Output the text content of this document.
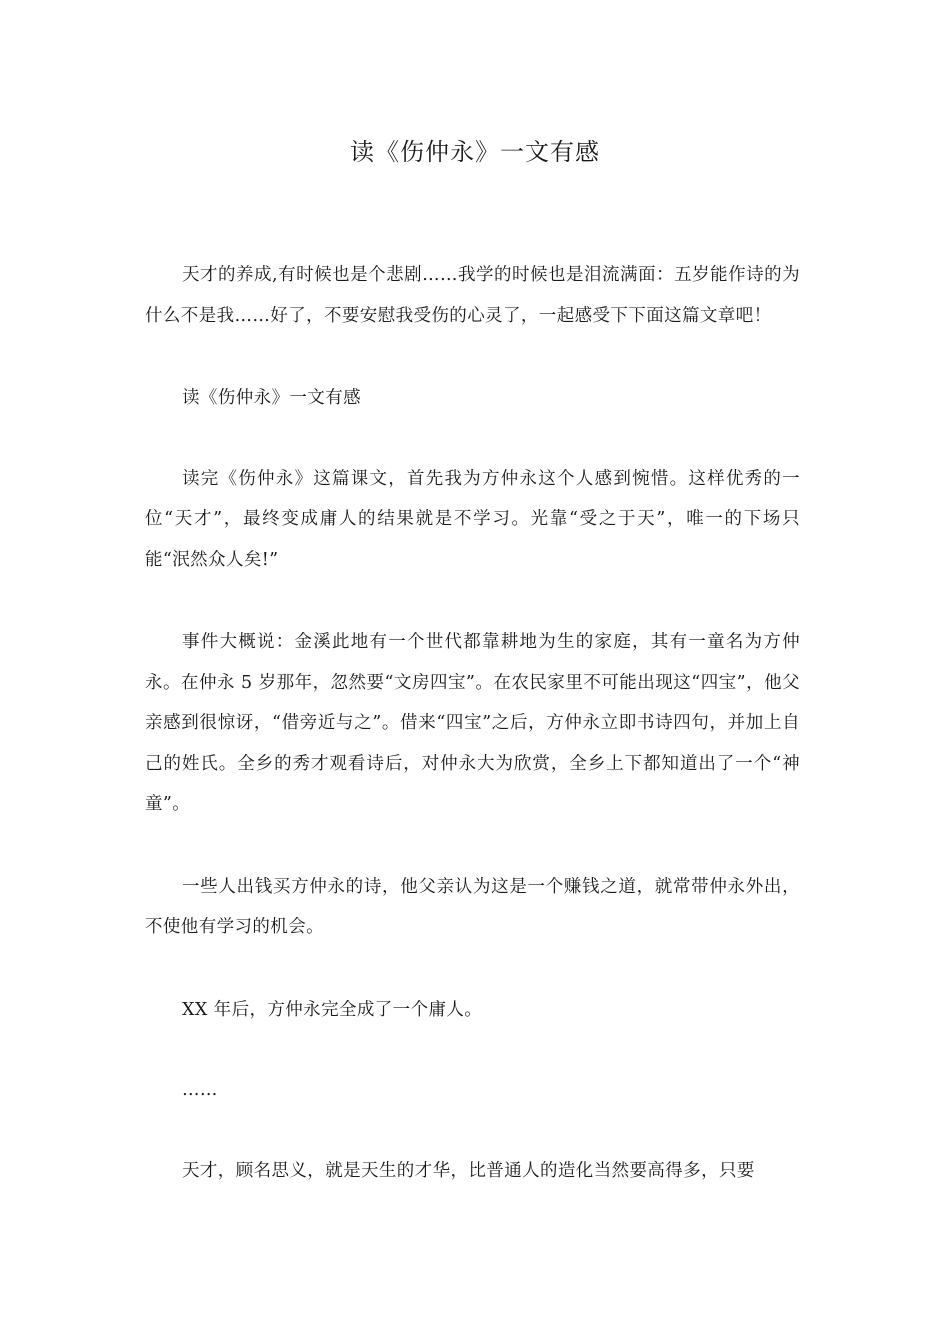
读《伤仲永》一文有感

天才的养成,有时候也是个悲剧……我学的时候也是泪流满面：五岁能作诗的为什么不是我……好了，不要安慰我受伤的心灵了，一起感受下下面这篇文章吧！

读《伤仲永》一文有感

读完《伤仲永》这篇课文，首先我为方仲永这个人感到惋惜。这样优秀的一位“天才”，最终变成庸人的结果就是不学习。光靠“受之于天”，唯一的下场只能“泯然众人矣!”

事件大概说：金溪此地有一个世代都靠耕地为生的家庭，其有一童名为方仲永。在仲永 5 岁那年，忽然要“文房四宝”。在农民家里不可能出现这“四宝”，他父亲感到很惊讶，“借旁近与之”。借来“四宝”之后，方仲永立即书诗四句，并加上自己的姓氏。全乡的秀才观看诗后，对仲永大为欣赏，全乡上下都知道出了一个“神童”。

一些人出钱买方仲永的诗，他父亲认为这是一个赚钱之道，就常带仲永外出，不使他有学习的机会。

XX 年后，方仲永完全成了一个庸人。

……

天才，顾名思义，就是天生的才华，比普通人的造化当然要高得多，只要
